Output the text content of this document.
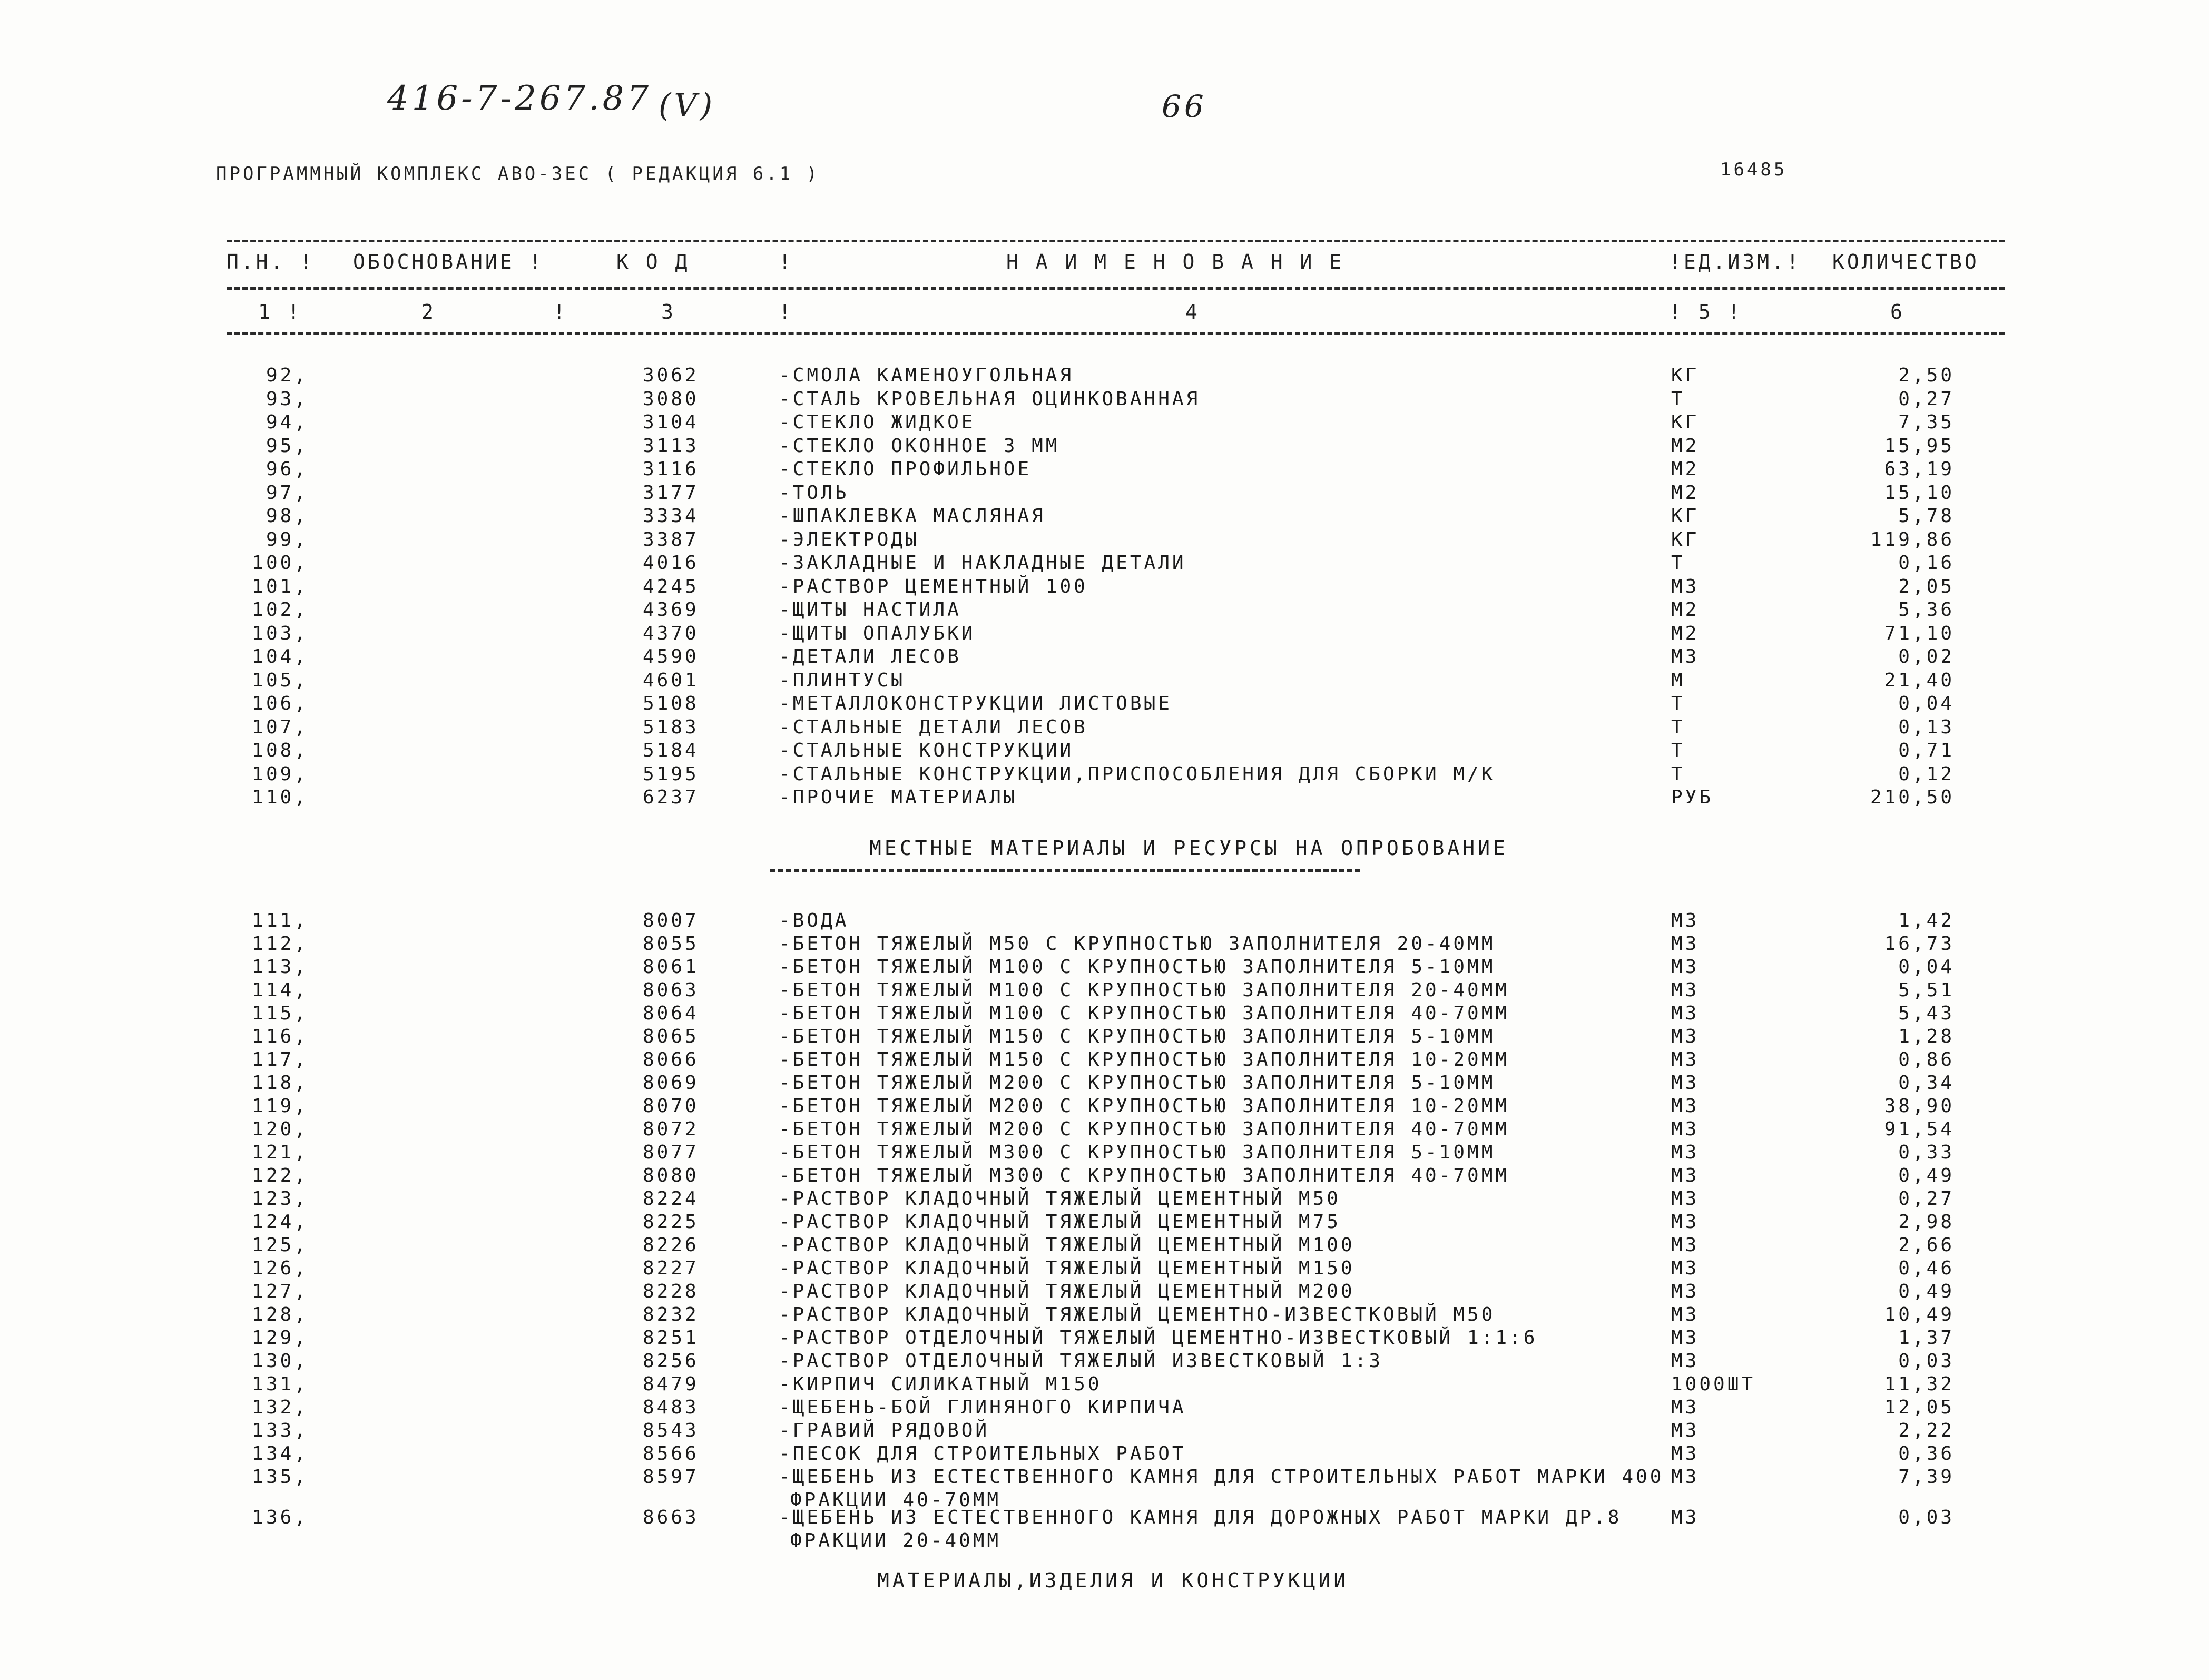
416-7-267.87 (V)	66
ПРОГРАММНЫЙ КОМПЛЕКС АВО-3ЕС ( РЕДАКЦИЯ 6.1 )	16485
П.Н. ! ОБОСНОВАНИЕ !	К О Д	!	Н А И М Е Н О В А Н И Е	!ЕД.ИЗМ.! КОЛИЧЕСТВО
1 !	2	!	3	!	4	! 5 !	6
92,	3062	-СМОЛА КАМЕНОУГОЛЬНАЯ	КГ	2,50
93,	3080	-СТАЛЬ КРОВЕЛЬНАЯ ОЦИНКОВАННАЯ	Т	0,27
94,	3104	-СТЕКЛО ЖИДКОЕ	КГ	7,35
95,	3113	-СТЕКЛО ОКОННОЕ 3 ММ	М2	15,95
96,	3116	-СТЕКЛО ПРОФИЛЬНОЕ	М2	63,19
97,	3177	-ТОЛЬ	М2	15,10
98,	3334	-ШПАКЛЕВКА МАСЛЯНАЯ	КГ	5,78
99,	3387	-ЭЛЕКТРОДЫ	КГ	119,86
100,	4016	-ЗАКЛАДНЫЕ И НАКЛАДНЫЕ ДЕТАЛИ	Т	0,16
101,	4245	-РАСТВОР ЦЕМЕНТНЫЙ 100	М3	2,05
102,	4369	-ЩИТЫ НАСТИЛА	М2	5,36
103,	4370	-ЩИТЫ ОПАЛУБКИ	М2	71,10
104,	4590	-ДЕТАЛИ ЛЕСОВ	М3	0,02
105,	4601	-ПЛИНТУСЫ	М	21,40
106,	5108	-МЕТАЛЛОКОНСТРУКЦИИ ЛИСТОВЫЕ	Т	0,04
107,	5183	-СТАЛЬНЫЕ ДЕТАЛИ ЛЕСОВ	Т	0,13
108,	5184	-СТАЛЬНЫЕ КОНСТРУКЦИИ	Т	0,71
109,	5195	-СТАЛЬНЫЕ КОНСТРУКЦИИ,ПРИСПОСОБЛЕНИЯ ДЛЯ СБОРКИ М/К	Т	0,12
110,	6237	-ПРОЧИЕ МАТЕРИАЛЫ	РУБ	210,50
МЕСТНЫЕ МАТЕРИАЛЫ И РЕСУРСЫ НА ОПРОБОВАНИЕ
111,	8007	-ВОДА	М3	1,42
112,	8055	-БЕТОН ТЯЖЕЛЫЙ М50 С КРУПНОСТЬЮ ЗАПОЛНИТЕЛЯ 20-40ММ	М3	16,73
113,	8061	-БЕТОН ТЯЖЕЛЫЙ М100 С КРУПНОСТЬЮ ЗАПОЛНИТЕЛЯ 5-10ММ	М3	0,04
114,	8063	-БЕТОН ТЯЖЕЛЫЙ М100 С КРУПНОСТЬЮ ЗАПОЛНИТЕЛЯ 20-40ММ	М3	5,51
115,	8064	-БЕТОН ТЯЖЕЛЫЙ М100 С КРУПНОСТЬЮ ЗАПОЛНИТЕЛЯ 40-70ММ	М3	5,43
116,	8065	-БЕТОН ТЯЖЕЛЫЙ М150 С КРУПНОСТЬЮ ЗАПОЛНИТЕЛЯ 5-10ММ	М3	1,28
117,	8066	-БЕТОН ТЯЖЕЛЫЙ М150 С КРУПНОСТЬЮ ЗАПОЛНИТЕЛЯ 10-20ММ	М3	0,86
118,	8069	-БЕТОН ТЯЖЕЛЫЙ М200 С КРУПНОСТЬЮ ЗАПОЛНИТЕЛЯ 5-10ММ	М3	0,34
119,	8070	-БЕТОН ТЯЖЕЛЫЙ М200 С КРУПНОСТЬЮ ЗАПОЛНИТЕЛЯ 10-20ММ	М3	38,90
120,	8072	-БЕТОН ТЯЖЕЛЫЙ М200 С КРУПНОСТЬЮ ЗАПОЛНИТЕЛЯ 40-70ММ	М3	91,54
121,	8077	-БЕТОН ТЯЖЕЛЫЙ М300 С КРУПНОСТЬЮ ЗАПОЛНИТЕЛЯ 5-10ММ	М3	0,33
122,	8080	-БЕТОН ТЯЖЕЛЫЙ М300 С КРУПНОСТЬЮ ЗАПОЛНИТЕЛЯ 40-70ММ	М3	0,49
123,	8224	-РАСТВОР КЛАДОЧНЫЙ ТЯЖЕЛЫЙ ЦЕМЕНТНЫЙ М50	М3	0,27
124,	8225	-РАСТВОР КЛАДОЧНЫЙ ТЯЖЕЛЫЙ ЦЕМЕНТНЫЙ М75	М3	2,98
125,	8226	-РАСТВОР КЛАДОЧНЫЙ ТЯЖЕЛЫЙ ЦЕМЕНТНЫЙ М100	М3	2,66
126,	8227	-РАСТВОР КЛАДОЧНЫЙ ТЯЖЕЛЫЙ ЦЕМЕНТНЫЙ М150	М3	0,46
127,	8228	-РАСТВОР КЛАДОЧНЫЙ ТЯЖЕЛЫЙ ЦЕМЕНТНЫЙ М200	М3	0,49
128,	8232	-РАСТВОР КЛАДОЧНЫЙ ТЯЖЕЛЫЙ ЦЕМЕНТНО-ИЗВЕСТКОВЫЙ М50	М3	10,49
129,	8251	-РАСТВОР ОТДЕЛОЧНЫЙ ТЯЖЕЛЫЙ ЦЕМЕНТНО-ИЗВЕСТКОВЫЙ 1:1:6	М3	1,37
130,	8256	-РАСТВОР ОТДЕЛОЧНЫЙ ТЯЖЕЛЫЙ ИЗВЕСТКОВЫЙ 1:3	М3	0,03
131,	8479	-КИРПИЧ СИЛИКАТНЫЙ М150	1000ШТ	11,32
132,	8483	-ЩЕБЕНЬ-БОЙ ГЛИНЯНОГО КИРПИЧА	М3	12,05
133,	8543	-ГРАВИЙ РЯДОВОЙ	М3	2,22
134,	8566	-ПЕСОК ДЛЯ СТРОИТЕЛЬНЫХ РАБОТ	М3	0,36
135,	8597	-ЩЕБЕНЬ ИЗ ЕСТЕСТВЕННОГО КАМНЯ ДЛЯ СТРОИТЕЛЬНЫХ РАБОТ МАРКИ 400 М3	7,39
ФРАКЦИИ 40-70ММ
136,	8663	-ЩЕБЕНЬ ИЗ ЕСТЕСТВЕННОГО КАМНЯ ДЛЯ ДОРОЖНЫХ РАБОТ МАРКИ ДР.8	М3	0,03
ФРАКЦИИ 20-40ММ
МАТЕРИАЛЫ,ИЗДЕЛИЯ И КОНСТРУКЦИИ
